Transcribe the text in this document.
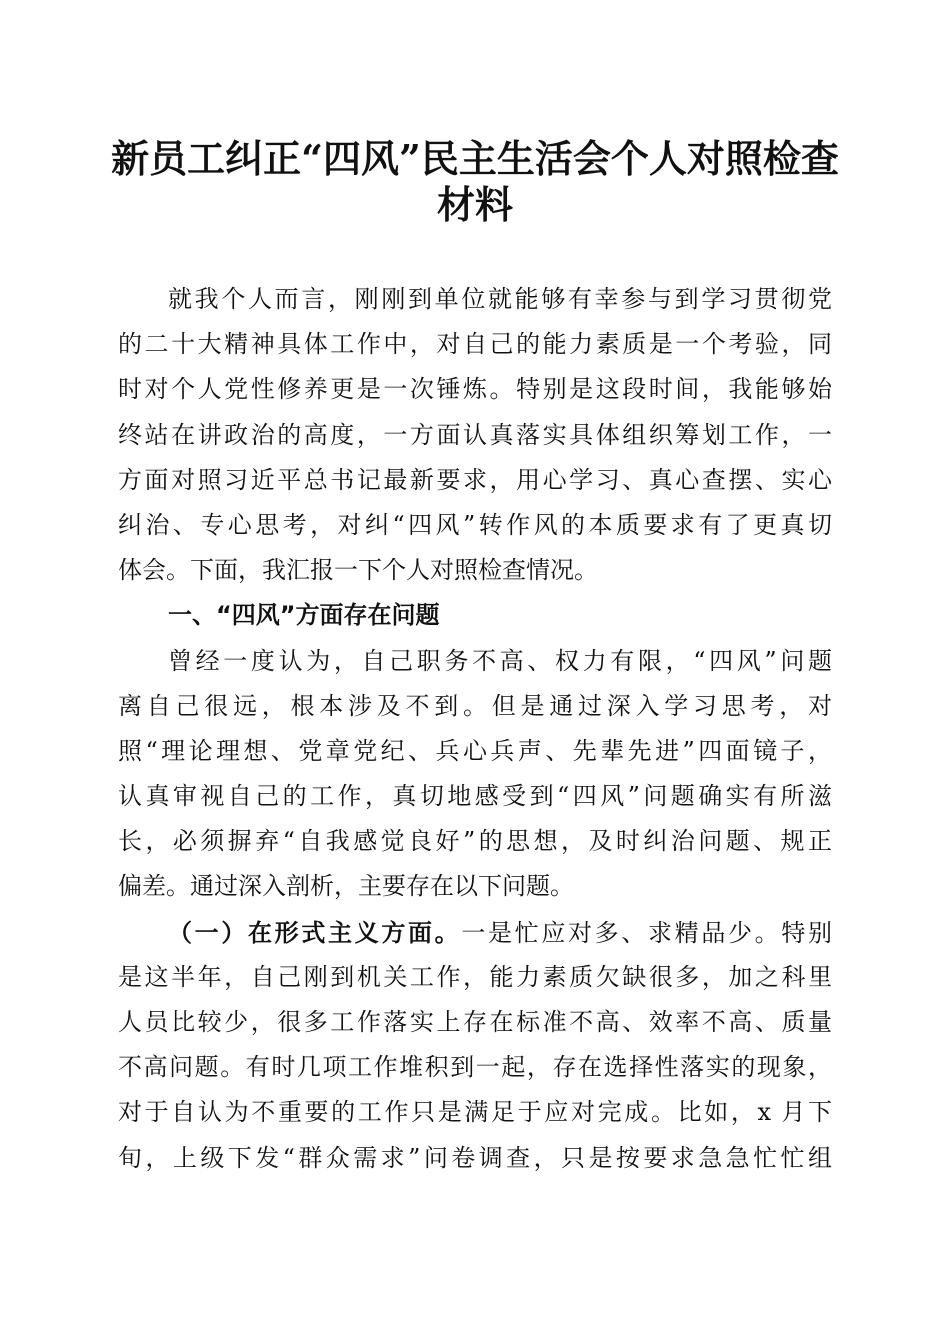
新员工纠正“四风”民主生活会个人对照检查
材料
就我个人而言，刚刚到单位就能够有幸参与到学习贯彻党
的二十大精神具体工作中，对自己的能力素质是一个考验，同
时对个人党性修养更是一次锤炼。特别是这段时间，我能够始
终站在讲政治的高度，一方面认真落实具体组织筹划工作，一
方面对照习近平总书记最新要求，用心学习、真心查摆、实心
纠治、专心思考，对纠“四风”转作风的本质要求有了更真切
体会。下面，我汇报一下个人对照检查情况。
一、“四风”方面存在问题
曾经一度认为，自己职务不高、权力有限，“四风”问题
离自己很远，根本涉及不到。但是通过深入学习思考，对
照“理论理想、党章党纪、兵心兵声、先辈先进”四面镜子，
认真审视自己的工作，真切地感受到“四风”问题确实有所滋
长，必须摒弃“自我感觉良好”的思想，及时纠治问题、规正
偏差。通过深入剖析，主要存在以下问题。
（一）在形式主义方面。一是忙应对多、求精品少。特别
是这半年，自己刚到机关工作，能力素质欠缺很多，加之科里
人员比较少，很多工作落实上存在标准不高、效率不高、质量
不高问题。有时几项工作堆积到一起，存在选择性落实的现象，
对于自认为不重要的工作只是满足于应对完成。比如，x 月下
旬，上级下发“群众需求”问卷调查，只是按要求急急忙忙组
